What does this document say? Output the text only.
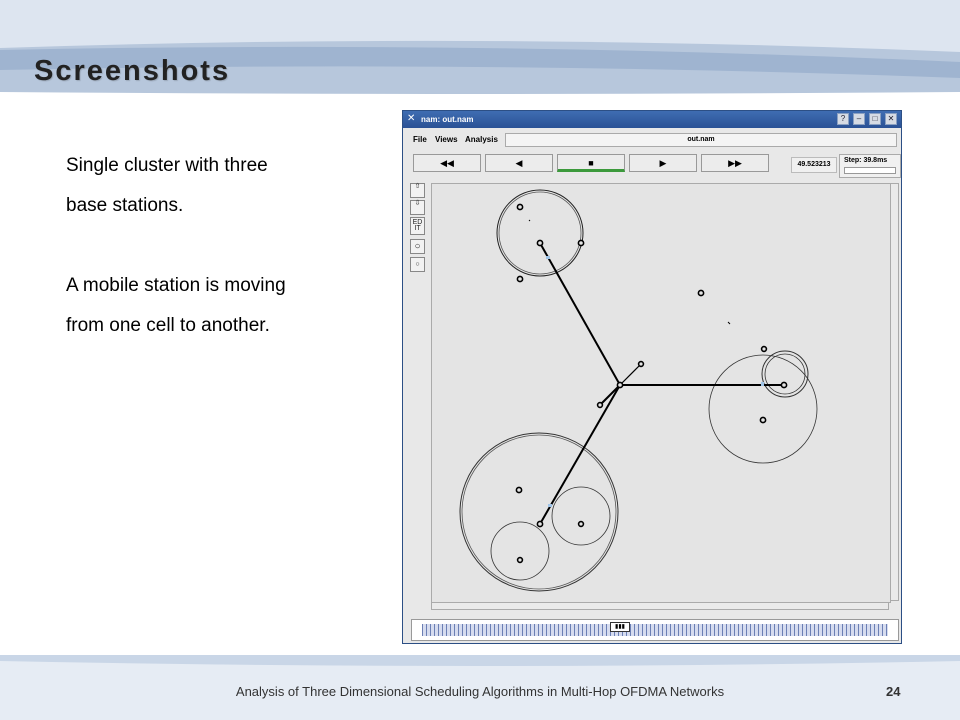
Screenshots

Single cluster with three

base stations.

A mobile station is moving

from one cell to another.

✕ nam: out.nam	?	–	□	✕
File Views Analysis	out.nam
◀◀	◀	■	▶	▶▶	49.523213
Step: 39.8ms
⇧
⇩
ED IT
○
○
▮▮▮
Analysis of Three Dimensional Scheduling Algorithms in Multi-Hop OFDMA Networks	24
